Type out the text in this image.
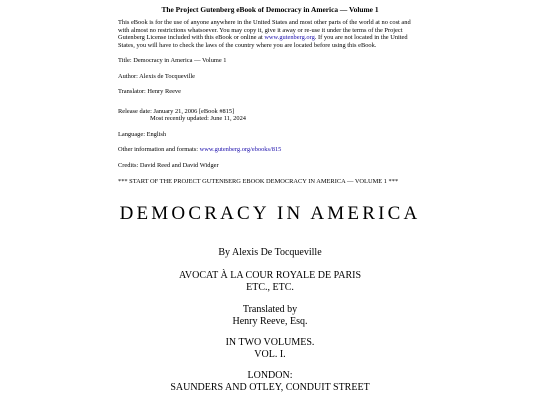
The Project Gutenberg eBook of Democracy in America — Volume 1

This eBook is for the use of anyone anywhere in the United States and most other parts of the world at no cost and with almost no restrictions whatsoever. You may copy it, give it away or re-use it under the terms of the Project Gutenberg License included with this eBook or online at www.gutenberg.org. If you are not located in the United States, you will have to check the laws of the country where you are located before using this eBook.

Title: Democracy in America — Volume 1

Author: Alexis de Tocqueville

Translator: Henry Reeve

Release date: January 21, 2006 [eBook #815]
Most recently updated: June 11, 2024

Language: English

Other information and formats: www.gutenberg.org/ebooks/815

Credits: David Reed and David Widger

*** START OF THE PROJECT GUTENBERG EBOOK DEMOCRACY IN AMERICA — VOLUME 1 ***

DEMOCRACY IN AMERICA
By Alexis De Tocqueville
AVOCAT À LA COUR ROYALE DE PARIS
ETC., ETC.
Translated by
Henry Reeve, Esq.
IN TWO VOLUMES.
VOL. I.
LONDON:
SAUNDERS AND OTLEY, CONDUIT STREET
